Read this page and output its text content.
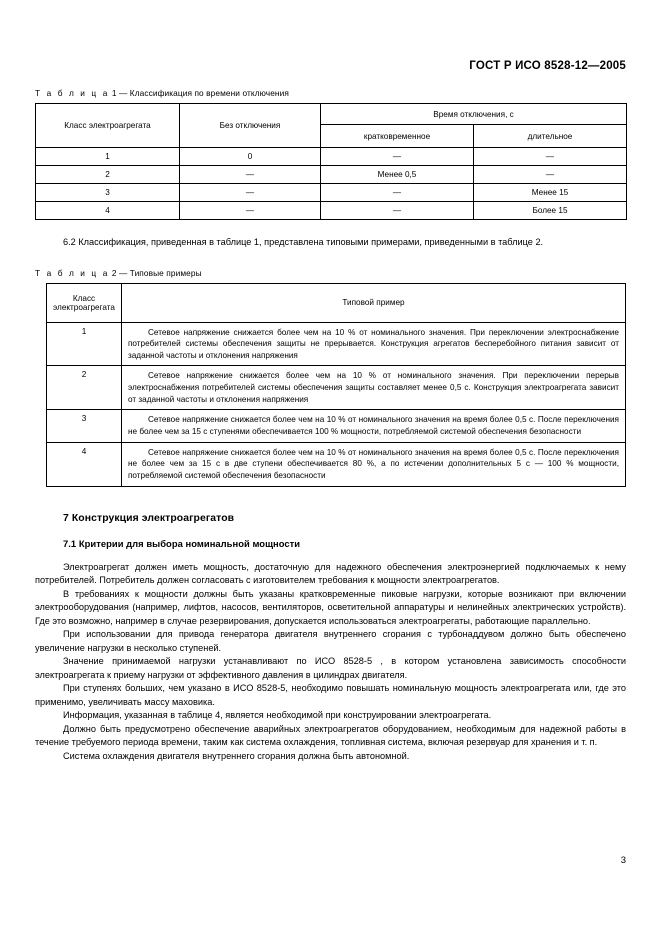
ГОСТ Р ИСО 8528-12—2005
Т а б л и ц а 1 — Классификация по времени отключения
Класс электроагрегата	Без отключения	Время отключения, с	
		кратковременное	длительное
1	0	—	—
2	—	Менее 0,5	—
3	—	—	Менее 15
4	—	—	Более 15

6.2 Классификация, приведенная в таблице 1, представлена типовыми примерами, приведенными в таблице 2.

Т а б л и ц а 2 — Типовые примеры
Класс электроагрегата	Типовой пример
1	Сетевое напряжение снижается более чем на 10 % от номинального значения. При переключении электроснабжение потребителей системы обеспечения защиты не прерывается. Конструкция агрегатов бесперебойного питания зависит от заданной частоты и отклонения напряжения
2	Сетевое напряжение снижается более чем на 10 % от номинального значения. При переключении перерыв электроснабжения потребителей системы обеспечения защиты составляет менее 0,5 с. Конструкция электроагрегата зависит от заданной частоты и отклонения напряжения
3	Сетевое напряжение снижается более чем на 10 % от номинального значения на время более 0,5 с. После переключения не более чем за 15 с ступенями обеспечивается 100 % мощности, потребляемой системой обеспечения безопасности
4	Сетевое напряжение снижается более чем на 10 % от номинального значения на время более 0,5 с. После переключения не более чем за 15 с в две ступени обеспечивается 80 %, а по истечении дополнительных 5 с — 100 % мощности, потребляемой системой обеспечения безопасности
7 Конструкция электроагрегатов
7.1 Критерии для выбора номинальной мощности

Электроагрегат должен иметь мощность, достаточную для надежного обеспечения электроэнергией подключаемых к нему потребителей. Потребитель должен согласовать с изготовителем требования к мощности электроагрегатов.

В требованиях к мощности должны быть указаны кратковременные пиковые нагрузки, которые возникают при включении электрооборудования (например, лифтов, насосов, вентиляторов, осветительной аппаратуры и нелинейных электрических устройств). Где это возможно, например в случае резервирования, допускается использоваться электроагрегаты, работающие параллельно.

При использовании для привода генератора двигателя внутреннего сгорания с турбонаддувом должно быть обеспечено увеличение нагрузки в несколько ступеней.

Значение принимаемой нагрузки устанавливают по ИСО 8528-5 , в котором установлена зависимость способности электроагрегата к приему нагрузки от эффективного давления в цилиндрах двигателя.

При ступенях больших, чем указано в ИСО 8528-5, необходимо повышать номинальную мощность электроагрегата или, где это применимо, увеличивать массу маховика.

Информация, указанная в таблице 4, является необходимой при конструировании электроагрегата.

Должно быть предусмотрено обеспечение аварийных электроагрегатов оборудованием, необходимым для надежной работы в течение требуемого периода времени, таким как система охлаждения, топливная система, включая резервуар для хранения и т. п.

Система охлаждения двигателя внутреннего сгорания должна быть автономной.

3
